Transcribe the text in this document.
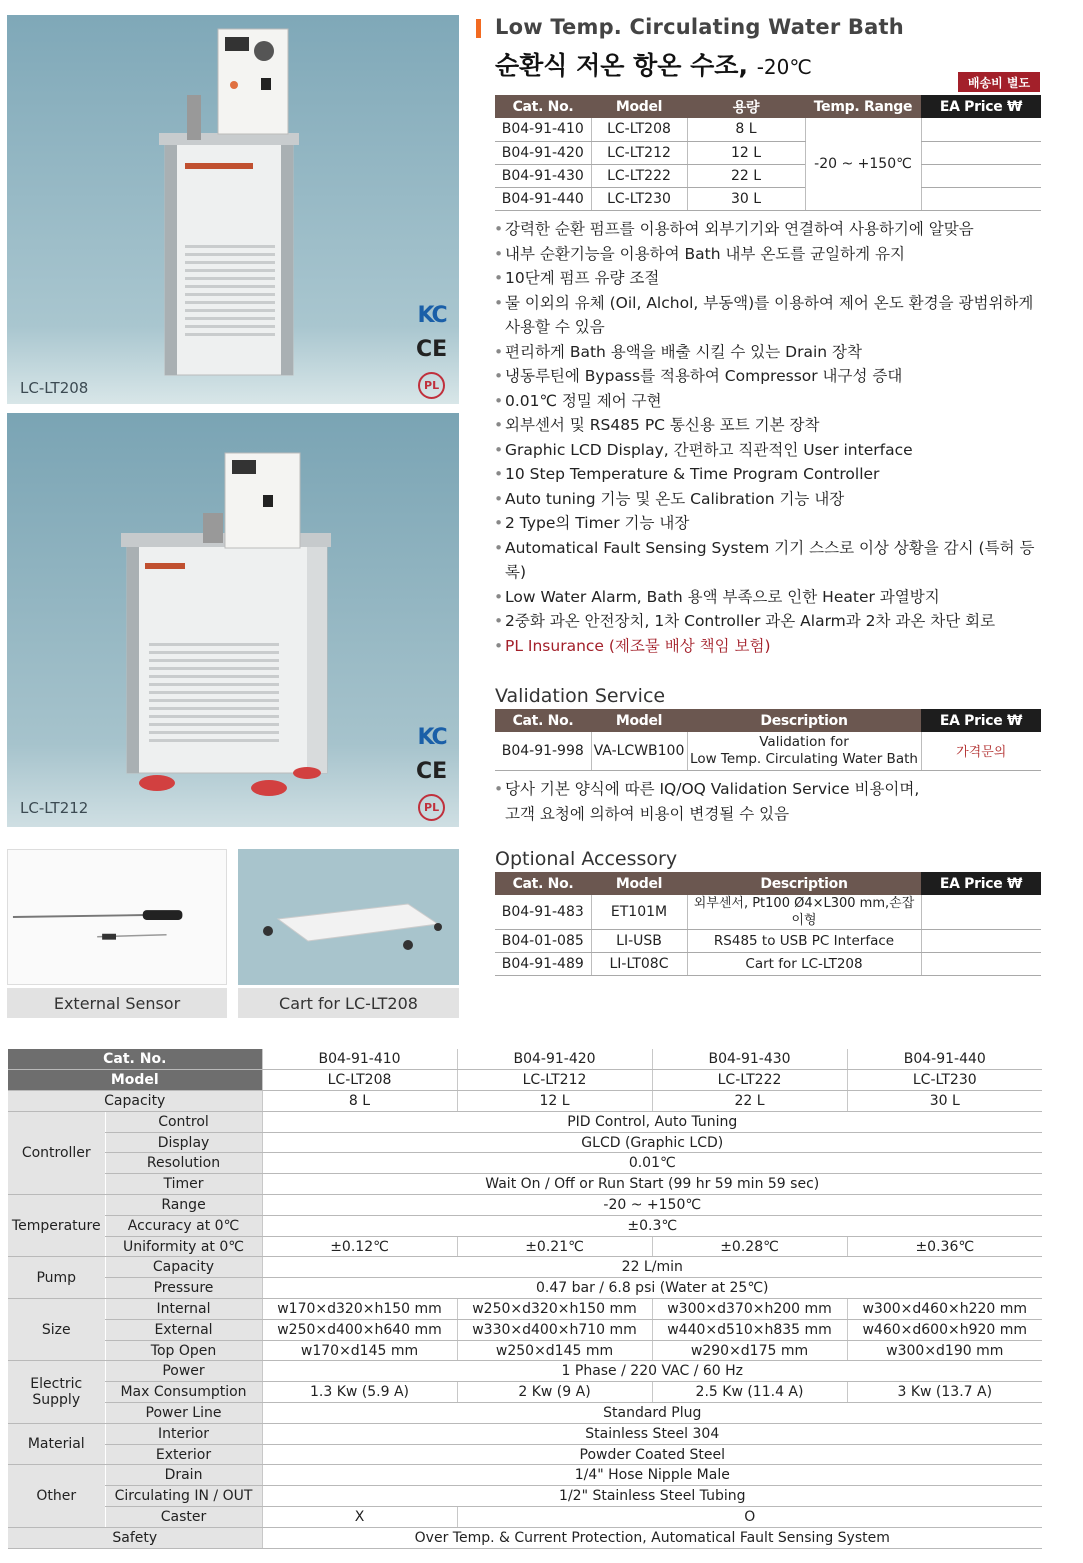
LC-LT208
KC
CE
PL
LC-LT212
KC
CE
PL
External Sensor	Cart for LC-LT208
Low Temp. Circulating Water Bath
순환식 저온 항온 수조, -20℃
배송비 별도
Cat. No.	Model	용량	Temp. Range	EA Price ₩
B04-91-410	LC-LT208	8 L	-20 ~ +150℃	
B04-91-420	LC-LT212	12 L		
B04-91-430	LC-LT222	22 L		
B04-91-440	LC-LT230	30 L		
• 강력한 순환 펌프를 이용하여 외부기기와 연결하여 사용하기에 알맞음
• 내부 순환기능을 이용하여 Bath 내부 온도를 균일하게 유지
• 10단계 펌프 유량 조절
• 물 이외의 유체 (Oil, Alchol, 부동액)를 이용하여 제어 온도 환경을 광범위하게
사용할 수 있음
• 편리하게 Bath 용액을 배출 시킬 수 있는 Drain 장착
• 냉동루틴에 Bypass를 적용하여 Compressor 내구성 증대
• 0.01℃ 정밀 제어 구현
• 외부센서 및 RS485 PC 통신용 포트 기본 장착
• Graphic LCD Display, 간편하고 직관적인 User interface
• 10 Step Temperature & Time Program Controller
• Auto tuning 기능 및 온도 Calibration 기능 내장
• 2 Type의 Timer 기능 내장
• Automatical Fault Sensing System 기기 스스로 이상 상황을 감시 (특허 등록)
• Low Water Alarm, Bath 용액 부족으로 인한 Heater 과열방지
• 2중화 과온 안전장치, 1차 Controller 과온 Alarm과 2차 과온 차단 회로
• PL Insurance (제조물 배상 책임 보험)
Validation Service
Cat. No.	Model	Description	EA Price ₩
B04-91-998	VA-LCWB100	Validation for
Low Temp. Circulating Water Bath	가격문의
• 당사 기본 양식에 따른 IQ/OQ Validation Service 비용이며,
고객 요청에 의하여 비용이 변경될 수 있음
Optional Accessory
Cat. No.	Model	Description	EA Price ₩
B04-91-483	ET101M	외부센서, Pt100 Ø4×L300 mm,손잡이형	
B04-01-085	LI-USB	RS485 to USB PC Interface	
B04-91-489	LI-LT08C	Cart for LC-LT208	
Cat. No.		B04-91-410	B04-91-420	B04-91-430	B04-91-440
Model		LC-LT208	LC-LT212	LC-LT222	LC-LT230
Capacity		8 L	12 L	22 L	30 L
Controller	Control	PID Control, Auto Tuning			
	Display	GLCD (Graphic LCD)			
	Resolution	0.01℃			
	Timer	Wait On / Off or Run Start (99 hr 59 min 59 sec)			
Temperature	Range	-20 ~ +150℃			
	Accuracy at 0℃	±0.3℃			
	Uniformity at 0℃	±0.12℃	±0.21℃	±0.28℃	±0.36℃
Pump	Capacity	22 L/min			
	Pressure	0.47 bar / 6.8 psi (Water at 25℃)			
Size	Internal	w170×d320×h150 mm	w250×d320×h150 mm	w300×d370×h200 mm	w300×d460×h220 mm
	External	w250×d400×h640 mm	w330×d400×h710 mm	w440×d510×h835 mm	w460×d600×h920 mm
	Top Open	w170×d145 mm	w250×d145 mm	w290×d175 mm	w300×d190 mm

Electric
Supply	Power	1 Phase / 220 VAC / 60 Hz			
	Max Consumption	1.3 Kw (5.9 A)	2 Kw (9 A)	2.5 Kw (11.4 A)	3 Kw (13.7 A)
	Power Line	Standard Plug			
Material	Interior	Stainless Steel 304			
	Exterior	Powder Coated Steel			
Other	Drain	1/4" Hose Nipple Male			
	Circulating IN / OUT	1/2" Stainless Steel Tubing			
	Caster	X	O		
Safety		Over Temp. & Current Protection, Automatical Fault Sensing System			
